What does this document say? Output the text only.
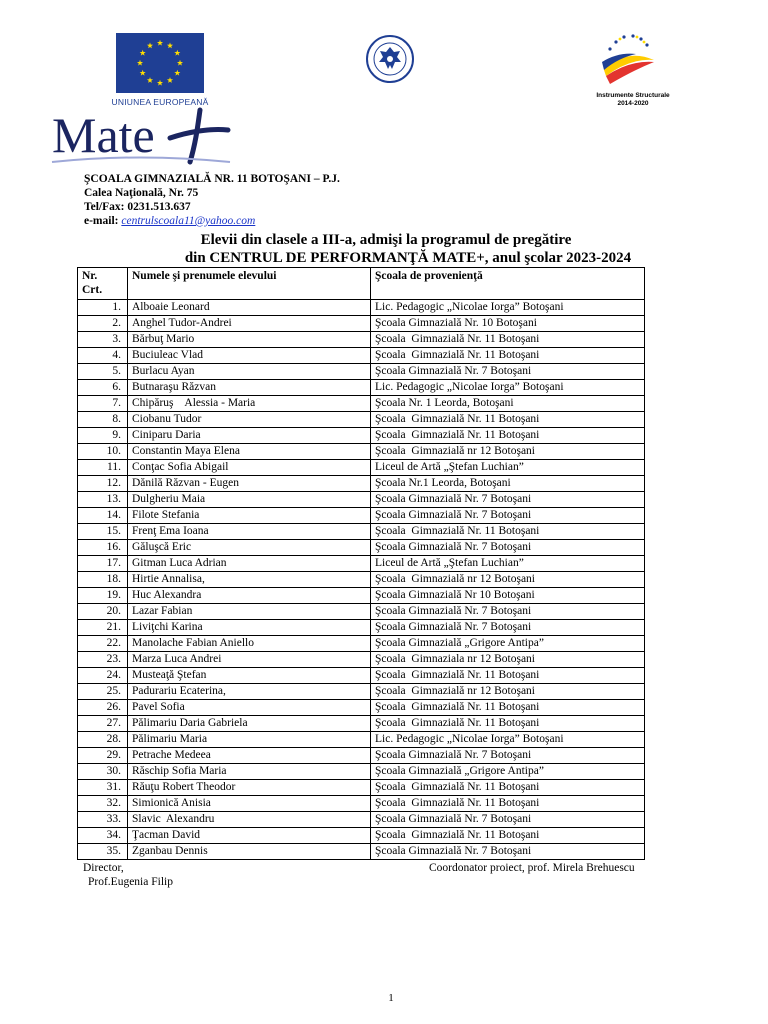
UNIUNEA EUROPEANĂ
Instrumente Structurale
2014-2020
Mate
ŞCOALA GIMNAZIALĂ NR. 11 BOTOŞANI – P.J.
Calea Naţională, Nr. 75
Tel/Fax: 0231.513.637
e-mail: centrulscoala11@yahoo.com
Elevii din clasele a III-a, admişi la programul de pregătire
din CENTRUL DE PERFORMANŢĂ MATE+, anul şcolar 2023-2024
Nr. Crt.	Numele şi prenumele elevului	Şcoala de provenienţă
1.	Alboaie Leonard	Lic. Pedagogic „Nicolae Iorga” Botoşani
2.	Anghel Tudor-Andrei	Şcoala Gimnazială Nr. 10 Botoşani
3.	Bărbuţ Mario	Şcoala  Gimnazială Nr. 11 Botoşani
4.	Buciuleac Vlad	Şcoala  Gimnazială Nr. 11 Botoşani
5.	Burlacu Ayan	Şcoala Gimnazială Nr. 7 Botoşani
6.	Butnaraşu Răzvan	Lic. Pedagogic „Nicolae Iorga” Botoşani
7.	Chipăruş    Alessia - Maria	Şcoala Nr. 1 Leorda, Botoşani
8.	Ciobanu Tudor	Şcoala  Gimnazială Nr. 11 Botoşani
9.	Ciniparu Daria	Şcoala  Gimnazială Nr. 11 Botoşani
10.	Constantin Maya Elena	Şcoala  Gimnazială nr 12 Botoşani
11.	Conţac Sofia Abigail	Liceul de Artă „Ştefan Luchian”
12.	Dănilă Răzvan - Eugen	Şcoala Nr.1 Leorda, Botoşani
13.	Dulgheriu Maia	Şcoala Gimnazială Nr. 7 Botoşani
14.	Filote Stefania	Şcoala Gimnazială Nr. 7 Botoşani
15.	Frenţ Ema Ioana	Şcoala  Gimnazială Nr. 11 Botoşani
16.	Găluşcă Eric	Şcoala Gimnazială Nr. 7 Botoşani
17.	Gitman Luca Adrian	Liceul de Artă „Ştefan Luchian”
18.	Hirtie Annalisa,	Şcoala  Gimnazială nr 12 Botoşani
19.	Huc Alexandra	Şcoala Gimnazială Nr 10 Botoşani
20.	Lazar Fabian	Şcoala Gimnazială Nr. 7 Botoşani
21.	Liviţchi Karina	Şcoala Gimnazială Nr. 7 Botoşani
22.	Manolache Fabian Aniello	Şcoala Gimnazială „Grigore Antipa”
23.	Marza Luca Andrei	Şcoala  Gimnaziala nr 12 Botoşani
24.	Musteaţă Ştefan	Şcoala  Gimnazială Nr. 11 Botoşani
25.	Padurariu Ecaterina,	Şcoala  Gimnazială nr 12 Botoşani
26.	Pavel Sofia	Şcoala  Gimnazială Nr. 11 Botoşani
27.	Pălimariu Daria Gabriela	Şcoala  Gimnazială Nr. 11 Botoşani
28.	Pălimariu Maria	Lic. Pedagogic „Nicolae Iorga” Botoşani
29.	Petrache Medeea	Şcoala Gimnazială Nr. 7 Botoşani
30.	Răschip Sofia Maria	Şcoala Gimnazială „Grigore Antipa”
31.	Răuţu Robert Theodor	Şcoala  Gimnazială Nr. 11 Botoşani
32.	Simionică Anisia	Şcoala  Gimnazială Nr. 11 Botoşani
33.	Slavic  Alexandru	Şcoala Gimnazială Nr. 7 Botoşani
34.	Ţacman David	Şcoala  Gimnazială Nr. 11 Botoşani
35.	Zganbau Dennis	Şcoala Gimnazială Nr. 7 Botoşani
Director,
Prof.Eugenia Filip
Coordonator proiect, prof. Mirela Brehuescu
1
